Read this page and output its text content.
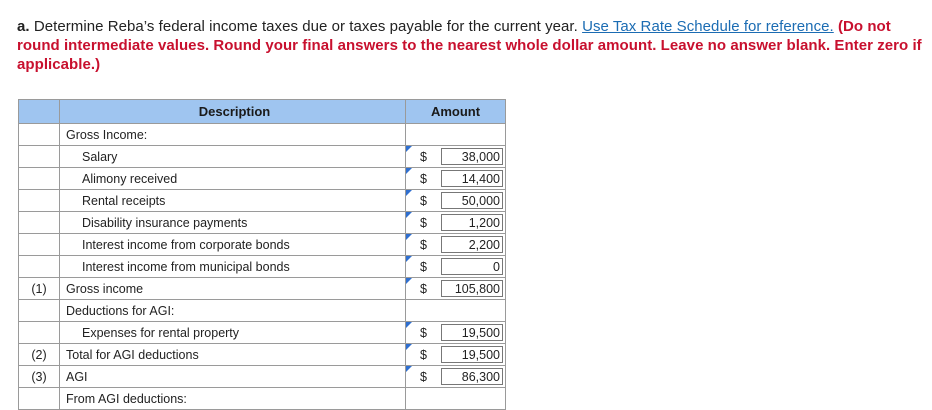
a. Determine Reba’s federal income taxes due or taxes payable for the current year. Use Tax Rate Schedule for reference. (Do not round intermediate values. Round your final answers to the nearest whole dollar amount. Leave no answer blank. Enter zero if applicable.)
	Description	Amount
	Gross Income:	
	Salary	$ 38,000

	Alimony received	$ 14,400

	Rental receipts	$ 50,000

	Disability insurance payments	$ 1,200

	Interest income from corporate bonds	$ 2,200

	Interest income from municipal bonds	$ 0

(1)	Gross income	$ 105,800

	Deductions for AGI:	
	Expenses for rental property	$ 19,500

(2)	Total for AGI deductions	$ 19,500

(3)	AGI	$ 86,300

	From AGI deductions:	
